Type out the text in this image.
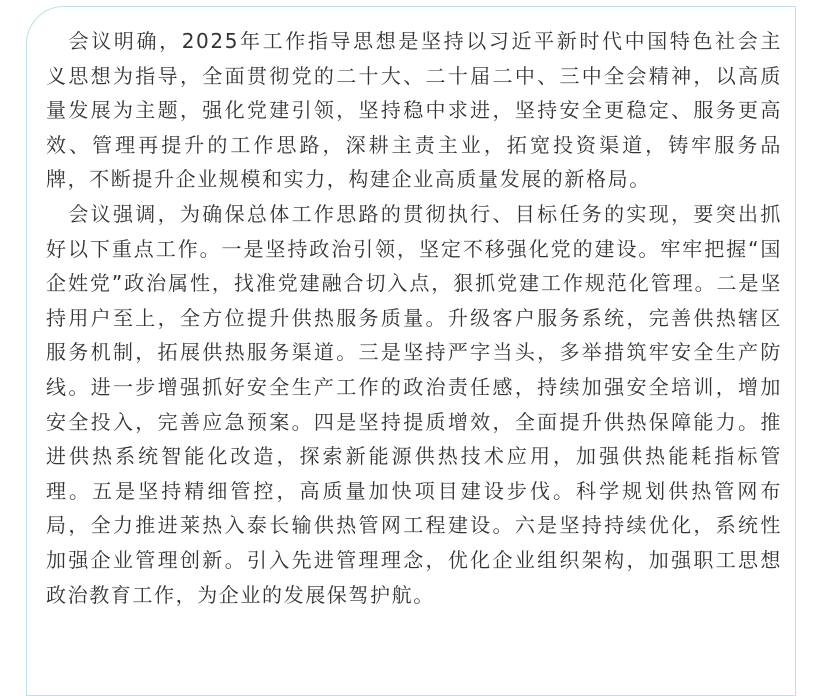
　会议明确，2025年工作指导思想是坚持以习近平新时代中国特色社会主
义思想为指导，全面贯彻党的二十大、二十届二中、三中全会精神，以高质
量发展为主题，强化党建引领，坚持稳中求进，坚持安全更稳定、服务更高
效、管理再提升的工作思路，深耕主责主业，拓宽投资渠道，铸牢服务品
牌，不断提升企业规模和实力，构建企业高质量发展的新格局。
　会议强调，为确保总体工作思路的贯彻执行、目标任务的实现，要突出抓
好以下重点工作。一是坚持政治引领，坚定不移强化党的建设。牢牢把握“国
企姓党”政治属性，找准党建融合切入点，狠抓党建工作规范化管理。二是坚
持用户至上，全方位提升供热服务质量。升级客户服务系统，完善供热辖区
服务机制，拓展供热服务渠道。三是坚持严字当头，多举措筑牢安全生产防
线。进一步增强抓好安全生产工作的政治责任感，持续加强安全培训，增加
安全投入，完善应急预案。四是坚持提质增效，全面提升供热保障能力。推
进供热系统智能化改造，探索新能源供热技术应用，加强供热能耗指标管
理。五是坚持精细管控，高质量加快项目建设步伐。科学规划供热管网布
局，全力推进莱热入泰长输供热管网工程建设。六是坚持持续优化，系统性
加强企业管理创新。引入先进管理理念，优化企业组织架构，加强职工思想
政治教育工作，为企业的发展保驾护航。
